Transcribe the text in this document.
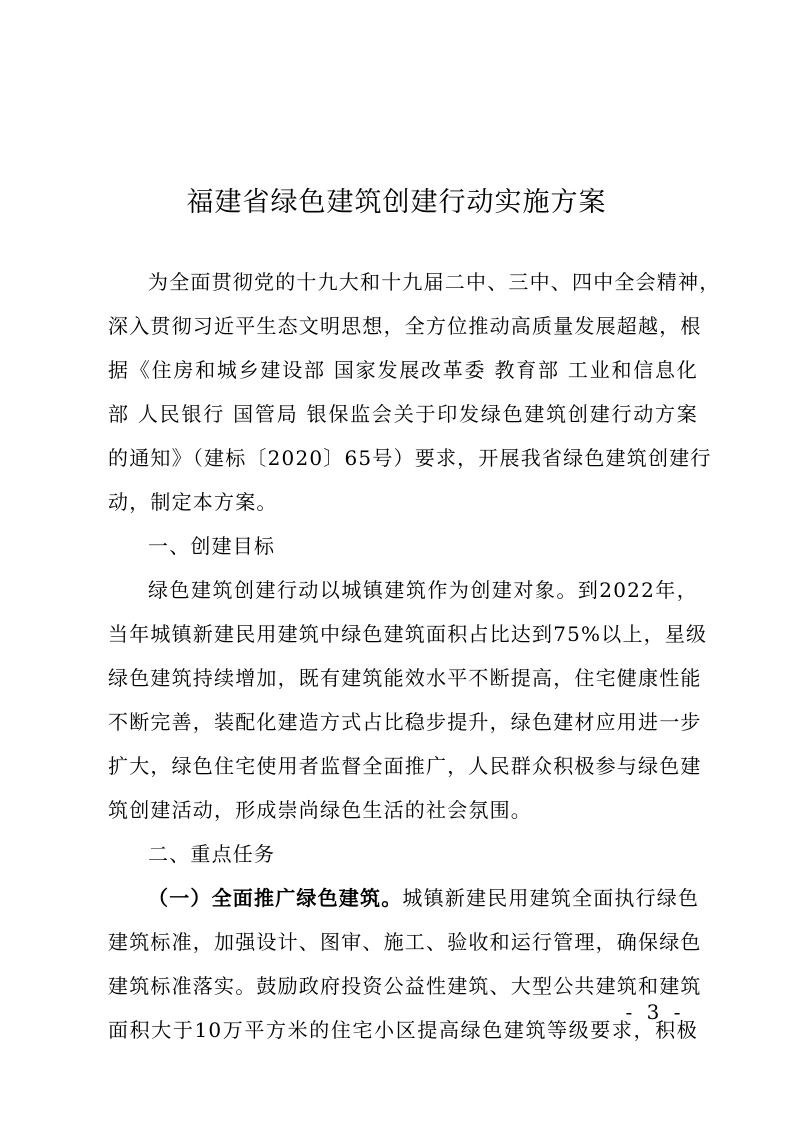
福建省绿色建筑创建行动实施方案
为全面贯彻党的十九大和十九届二中、三中、四中全会精神，
深入贯彻习近平生态文明思想，全方位推动高质量发展超越，根
据《住房和城乡建设部 国家发展改革委 教育部 工业和信息化
部 人民银行 国管局 银保监会关于印发绿色建筑创建行动方案
的通知》（建标〔2020〕65号）要求，开展我省绿色建筑创建行
动，制定本方案。
一、创建目标
绿色建筑创建行动以城镇建筑作为创建对象。到2022年，
当年城镇新建民用建筑中绿色建筑面积占比达到75%以上，星级
绿色建筑持续增加，既有建筑能效水平不断提高，住宅健康性能
不断完善，装配化建造方式占比稳步提升，绿色建材应用进一步
扩大，绿色住宅使用者监督全面推广，人民群众积极参与绿色建
筑创建活动，形成崇尚绿色生活的社会氛围。
二、重点任务
（一）全面推广绿色建筑。 城镇新建民用建筑全面执行绿色
建筑标准，加强设计、图审、施工、验收和运行管理，确保绿色
建筑标准落实。鼓励政府投资公益性建筑、大型公共建筑和建筑
面积大于10万平方米的住宅小区提高绿色建筑等级要求，积极
- 3 -
